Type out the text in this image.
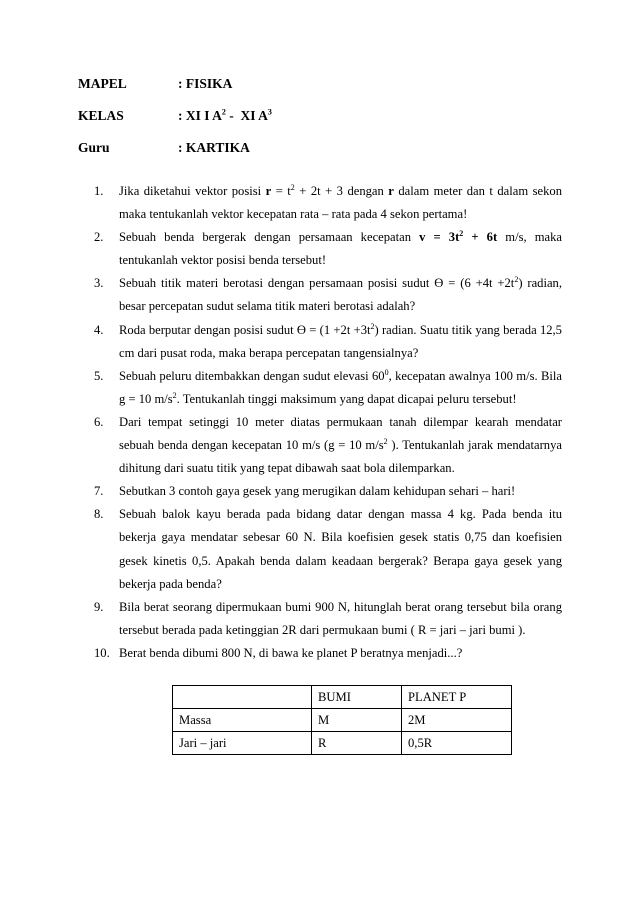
MAPEL	: FISIKA
KELAS	: XI I $A^2$ -  XI $A^3$
Guru	: KARTIKA
1. Jika diketahui vektor posisi $r = t^2 + 2t + 3$ dengan r dalam meter dan t dalam sekon maka tentukanlah vektor kecepatan rata – rata pada 4 sekon pertama!
2. Sebuah benda bergerak dengan persamaan kecepatan $v = 3t^2 + 6t$ m/s, maka tentukanlah vektor posisi benda tersebut!
3. Sebuah titik materi berotasi dengan persamaan posisi sudut $ϴ = (6 +4t +2t^2)$ radian, besar percepatan sudut selama titik materi berotasi adalah?
4. Roda berputar dengan posisi sudut $ϴ = (1 +2t +3t^2)$ radian. Suatu titik yang berada 12,5 cm dari pusat roda, maka berapa percepatan tangensialnya?
5. Sebuah peluru ditembakkan dengan sudut elevasi $60^0$, kecepatan awalnya 100 m/s. Bila g = 10 $m/s^2$. Tentukanlah tinggi maksimum yang dapat dicapai peluru tersebut!
6. Dari tempat setinggi 10 meter diatas permukaan tanah dilempar kearah mendatar sebuah benda dengan kecepatan 10 m/s (g = 10 $m/s^2$ ). Tentukanlah jarak mendatarnya dihitung dari suatu titik yang tepat dibawah saat bola dilemparkan.
7. Sebutkan 3 contoh gaya gesek yang merugikan dalam kehidupan sehari – hari!
8. Sebuah balok kayu berada pada bidang datar dengan massa 4 kg. Pada benda itu bekerja gaya mendatar sebesar 60 N. Bila koefisien gesek statis 0,75 dan koefisien gesek kinetis 0,5. Apakah benda dalam keadaan bergerak? Berapa gaya gesek yang bekerja pada benda?
9. Bila berat seorang dipermukaan bumi 900 N, hitunglah berat orang tersebut bila orang tersebut berada pada ketinggian 2R dari permukaan bumi ( R = jari – jari bumi ).
10. Berat benda dibumi 800 N, di bawa ke planet P beratnya menjadi...?
	BUMI	PLANET P
Massa	M	2M
Jari – jari	R	0,5R
